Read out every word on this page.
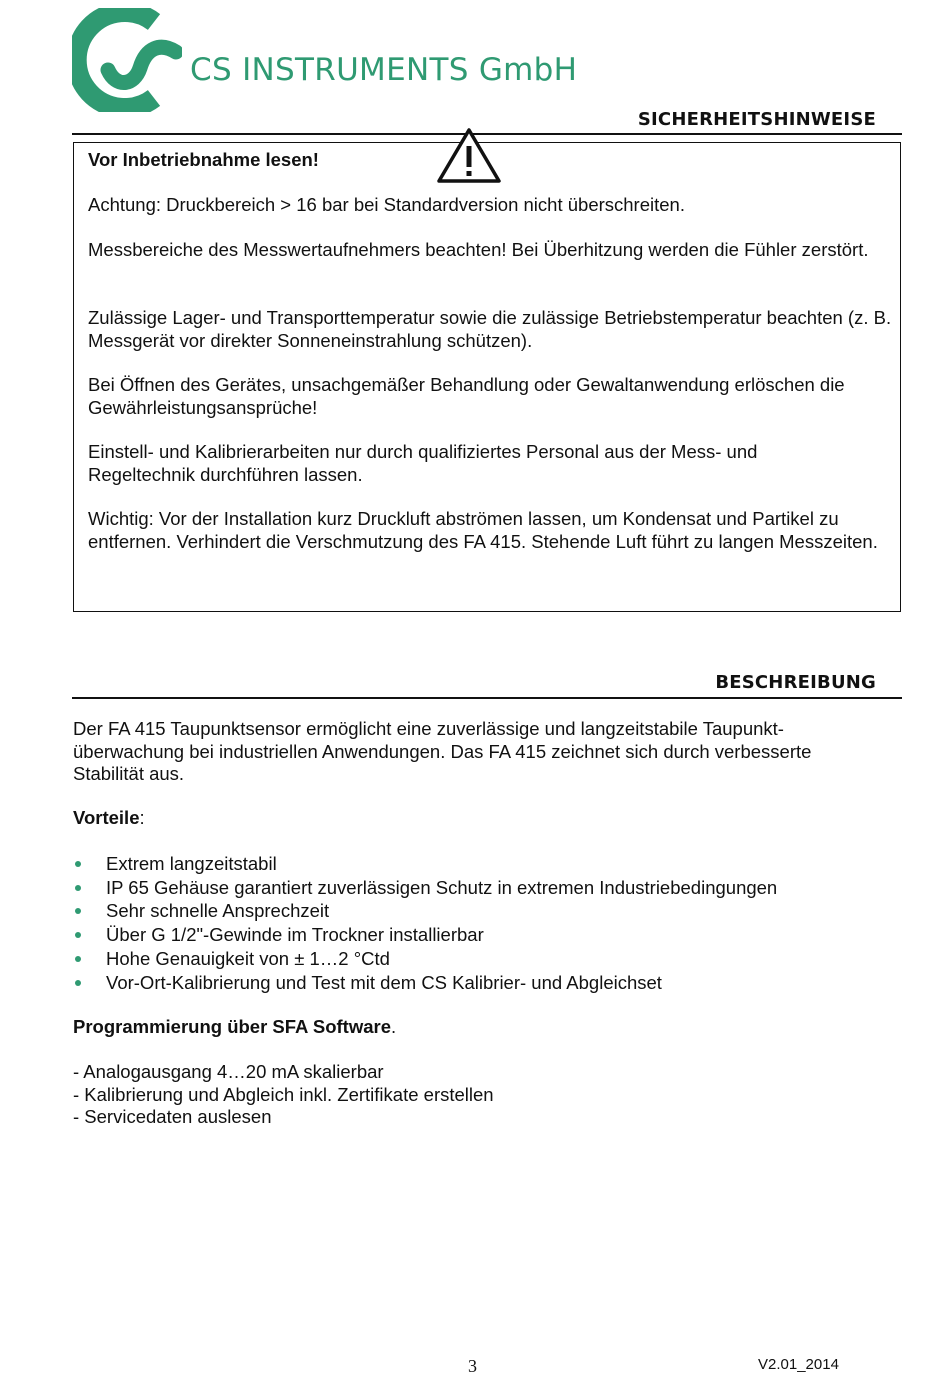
CS INSTRUMENTS GmbH
SICHERHEITSHINWEISE

Vor Inbetriebnahme lesen!

Achtung: Druckbereich > 16 bar bei Standardversion nicht überschreiten.

Messbereiche des Messwertaufnehmers beachten! Bei Überhitzung werden die Fühler zerstört.

Zulässige Lager- und Transporttemperatur sowie die zulässige Betriebstemperatur beachten (z. B. Messgerät vor direkter Sonneneinstrahlung schützen).

Bei Öffnen des Gerätes, unsachgemäßer Behandlung oder Gewaltanwendung erlöschen die Gewährleistungsansprüche!

Einstell- und Kalibrierarbeiten nur durch qualifiziertes Personal aus der Mess- und Regeltechnik durchführen lassen.

Wichtig: Vor der Installation kurz Druckluft abströmen lassen, um Kondensat und Partikel zu entfernen. Verhindert die Verschmutzung des FA 415. Stehende Luft führt zu langen Messzeiten.

BESCHREIBUNG

Der FA 415 Taupunktsensor ermöglicht eine zuverlässige und langzeitstabile Taupunkt-überwachung bei industriellen Anwendungen. Das FA 415 zeichnet sich durch verbesserte Stabilität aus.

Vorteile:

Extrem langzeitstabil
IP 65 Gehäuse garantiert zuverlässigen Schutz in extremen Industriebedingungen
Sehr schnelle Ansprechzeit
Über G 1/2"-Gewinde im Trockner installierbar
Hohe Genauigkeit von ± 1…2 °Ctd
Vor-Ort-Kalibrierung und Test mit dem CS Kalibrier- und Abgleichset

Programmierung über SFA Software.

- Analogausgang 4…20 mA skalierbar
- Kalibrierung und Abgleich inkl. Zertifikate erstellen
- Servicedaten auslesen
3	V2.01_2014
